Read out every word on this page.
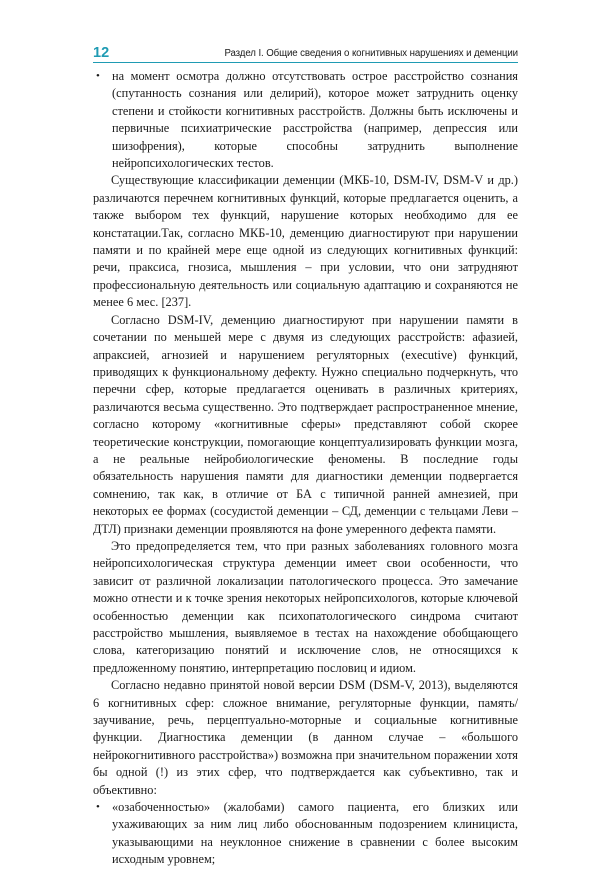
12	Раздел I. Общие сведения о когнитивных нарушениях и деменции
• на момент осмотра должно отсутствовать острое расстройство сознания (спутанность сознания или делирий), которое может затруднить оценку степени и стойкости когнитивных расстройств. Должны быть исключены и первичные психиатрические расстройства (например, депрессия или шизофрения), которые способны затруднить выполнение нейропсихологических тестов.

Существующие классификации деменции (МКБ-10, DSM-IV, DSM-V и др.) различаются перечнем когнитивных функций, которые предлагается оценить, а также выбором тех функций, нарушение которых необходимо для ее констатации.Так, согласно МКБ-10, деменцию диагностируют при нарушении памяти и по крайней мере еще одной из следующих когнитивных функций: речи, праксиса, гнозиса, мышления – при условии, что они затрудняют профессиональную деятельность или социальную адаптацию и сохраняются не менее 6 мес. [237].

Согласно DSM-IV, деменцию диагностируют при нарушении памяти в сочетании по меньшей мере с двумя из следующих расстройств: афазией, апраксией, агнозией и нарушением регуляторных (executive) функций, приводящих к функциональному дефекту. Нужно специально подчеркнуть, что перечни сфер, которые предлагается оценивать в различных критериях, различаются весьма существенно. Это подтверждает распространенное мнение, согласно которому «когнитивные сферы» представляют собой скорее теоретические конструкции, помогающие концептуализировать функции мозга, а не реальные нейробиологические феномены. В последние годы обязательность нарушения памяти для диагностики деменции подвергается сомнению, так как, в отличие от БА с типичной ранней амнезией, при некоторых ее формах (сосудистой деменции – СД, деменции с тельцами Леви – ДТЛ) признаки деменции проявляются на фоне умеренного дефекта памяти.

Это предопределяется тем, что при разных заболеваниях головного мозга нейропсихологическая структура деменции имеет свои особенности, что зависит от различной локализации патологического процесса. Это замечание можно отнести и к точке зрения некоторых нейропсихологов, которые ключевой особенностью деменции как психопатологического синдрома считают расстройство мышления, выявляемое в тестах на нахождение обобщающего слова, категоризацию понятий и исключение слов, не относящихся к предложенному понятию, интерпретацию пословиц и идиом.

Согласно недавно принятой новой версии DSM (DSM-V, 2013), выделяются 6 когнитивных сфер: сложное внимание, регуляторные функции, память/заучивание, речь, перцептуально-моторные и социальные когнитивные функции. Диагностика деменции (в данном случае – «большого нейрокогнитивного расстройства») возможна при значительном поражении хотя бы одной (!) из этих сфер, что подтверждается как субъективно, так и объективно:

• «озабоченностью» (жалобами) самого пациента, его близких или ухаживающих за ним лиц либо обоснованным подозрением клинициста, указывающими на неуклонное снижение в сравнении с более высоким исходным уровнем;
